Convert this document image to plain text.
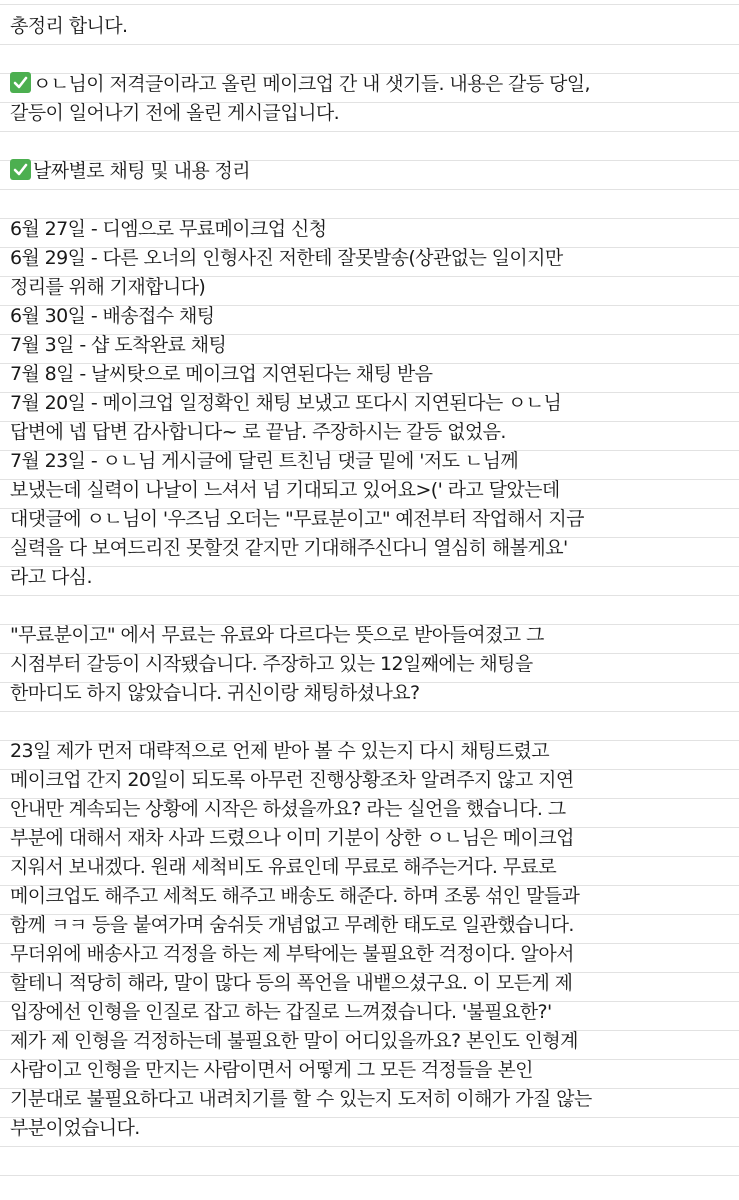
총정리 합니다.
ㅇㄴ님이 저격글이라고 올린 메이크업 간 내 샛기들. 내용은 갈등 당일,
갈등이 일어나기 전에 올린 게시글입니다.
날짜별로 채팅 및 내용 정리
6월 27일 - 디엠으로 무료메이크업 신청
6월 29일 - 다른 오너의 인형사진 저한테 잘못발송(상관없는 일이지만
정리를 위해 기재합니다)
6월 30일 - 배송접수 채팅
7월 3일 - 샵 도착완료 채팅
7월 8일 - 날씨탓으로 메이크업 지연된다는 채팅 받음
7월 20일 - 메이크업 일정확인 채팅 보냈고 또다시 지연된다는 ㅇㄴ님
답변에 넵 답변 감사합니다~ 로 끝남. 주장하시는 갈등 없었음.
7월 23일 - ㅇㄴ님 게시글에 달린 트친님 댓글 밑에 '저도 ㄴ님께
보냈는데 실력이 나날이 느셔서 넘 기대되고 있어요>(' 라고 달았는데
대댓글에 ㅇㄴ님이 '우즈님 오더는 "무료분이고" 예전부터 작업해서 지금
실력을 다 보여드리진 못할것 같지만 기대해주신다니 열심히 해볼게요'
라고 다심.
"무료분이고" 에서 무료는 유료와 다르다는 뜻으로 받아들여졌고 그
시점부터 갈등이 시작됐습니다. 주장하고 있는 12일째에는 채팅을
한마디도 하지 않았습니다. 귀신이랑 채팅하셨나요?
23일 제가 먼저 대략적으로 언제 받아 볼 수 있는지 다시 채팅드렸고
메이크업 간지 20일이 되도록 아무런 진행상황조차 알려주지 않고 지연
안내만 계속되는 상황에 시작은 하셨을까요? 라는 실언을 했습니다. 그
부분에 대해서 재차 사과 드렸으나 이미 기분이 상한 ㅇㄴ님은 메이크업
지워서 보내겠다. 원래 세척비도 유료인데 무료로 해주는거다. 무료로
메이크업도 해주고 세척도 해주고 배송도 해준다. 하며 조롱 섞인 말들과
함께 ㅋㅋ 등을 붙여가며 숨쉬듯 개념없고 무례한 태도로 일관했습니다.
무더위에 배송사고 걱정을 하는 제 부탁에는 불필요한 걱정이다. 알아서
할테니 적당히 해라, 말이 많다 등의 폭언을 내뱉으셨구요. 이 모든게 제
입장에선 인형을 인질로 잡고 하는 갑질로 느껴졌습니다. '불필요한?'
제가 제 인형을 걱정하는데 불필요한 말이 어디있을까요? 본인도 인형계
사람이고 인형을 만지는 사람이면서 어떻게 그 모든 걱정들을 본인
기분대로 불필요하다고 내려치기를 할 수 있는지 도저히 이해가 가질 않는
부분이었습니다.
